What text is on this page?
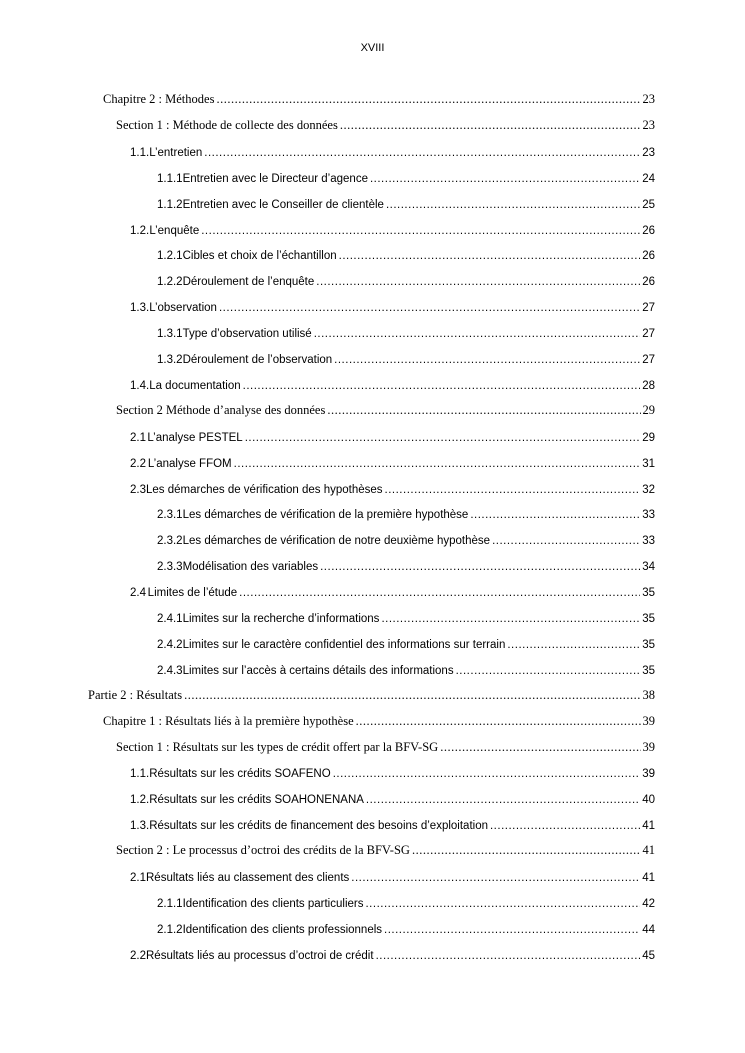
XVIII
Chapitre 2 : Méthodes .....	23
Section 1 : Méthode de collecte des données .....	23
1.1. L’entretien .....	23
1.1.1 Entretien avec le Directeur d’agence .....	24
1.1.2 Entretien avec le Conseiller de clientèle .....	25
1.2. L’enquête .....	26
1.2.1 Cibles et choix de l’échantillon .....	26
1.2.2 Déroulement de l’enquête .....	26
1.3. L’observation .....	27
1.3.1 Type d’observation utilisé .....	27
1.3.2 Déroulement de l’observation .....	27
1.4. La documentation .....	28
Section 2 Méthode d’analyse des données .....	29
2.1 L’analyse PESTEL .....	29
2.2 L’analyse FFOM .....	31
2.3 Les démarches de vérification des hypothèses .....	32
2.3.1 Les démarches de vérification de la première hypothèse .....	33
2.3.2 Les démarches de vérification de notre deuxième hypothèse .....	33
2.3.3 Modélisation des variables .....	34
2.4 Limites de l’étude .....	35
2.4.1 Limites sur la recherche d’informations .....	35
2.4.2 Limites sur le caractère confidentiel des informations sur terrain .....	35
2.4.3 Limites sur l’accès à certains détails des informations .....	35
Partie 2 : Résultats .....	38
Chapitre 1 : Résultats liés à la première hypothèse .....	39
Section 1 : Résultats sur les types de crédit offert par la BFV-SG .....	39
1.1. Résultats sur les crédits SOAFENO .....	39
1.2. Résultats sur les crédits SOAHONENANA .....	40
1.3. Résultats sur les crédits de financement des besoins d’exploitation .....	41
Section 2 : Le processus d’octroi des crédits de la BFV-SG .....	41
2.1 Résultats liés au classement des clients .....	41
2.1.1 Identification des clients particuliers .....	42
2.1.2 Identification des clients professionnels .....	44
2.2 Résultats liés au processus d’octroi de crédit .....	45
